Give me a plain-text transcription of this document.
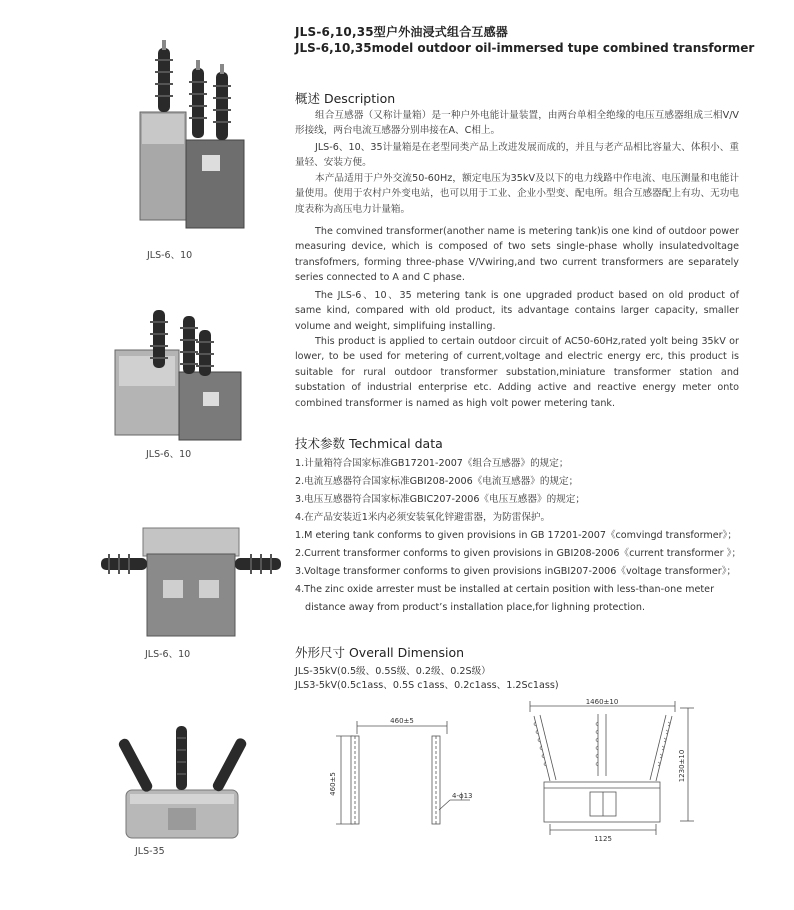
JLS-6,10,35型户外油浸式组合互感器
JLS-6,10,35model outdoor oil-immersed tupe combined transformer
概述 Description
组合互感器（又称计量箱）是一种户外电能计量装置，由两台单相全绝缘的电压互感器组成三相V/V形接线，两台电流互感器分别串接在A、C相上。
JLS-6、10、35计量箱是在老型同类产品上改进发展而成的，并且与老产品相比容量大、体积小、重量轻、安装方便。
本产品适用于户外交流50-60Hz，额定电压为35kV及以下的电力线路中作电流、电压测量和电能计量使用。使用于农村户外变电站，也可以用于工业、企业小型变、配电所。组合互感器配上有功、无功电度表称为高压电力计量箱。
The comvined transformer(another name is metering tank)is one kind of outdoor power measuring device, which is composed of two sets single-phase wholly insulatedvoltage transfofmers, forming three-phase V/Vwiring,and two current transformers are separately series connected to A and C phase.
The JLS-6、10、35 metering tank is one upgraded product based on old product of same kind, compared with old product, its advantage contains larger capacity, smaller volume and weight, simplifuing installing.
This product is applied to certain outdoor circuit of AC50-60Hz,rated yolt being 35kV or lower, to be used for metering of current,voltage and electric energy erc, this product is suitable for rural outdoor transformer substation,miniature transformer station and substation of industrial enterprise etc. Adding active and reactive energy meter onto combined transformer is named as high volt power metering tank.
技术参数 Techmical data
1.计量箱符合国家标准GB17201-2007《组合互感器》的规定；
2.电流互感器符合国家标准GBI208-2006《电流互感器》的规定；
3.电压互感器符合国家标准GBIC207-2006《电压互感器》的规定；
4.在产品安装近1米内必须安装氧化锌避雷器，为防雷保护。
1.M etering tank conforms to given provisions in GB 17201-2007《comvingd transformer》；
2.Current transformer conforms to given provisions in GBI208-2006《current transformer 》；
3.Voltage transformer conforms to given provisions inGBI207-2006《voltage transformer》；
4.The zinc oxide arrester must be installed at certain position with less-than-one meter
distance away from product’s installation place,for lighning protection.
外形尺寸 Overall Dimension
JLS-35kV(0.5级、0.5S级、0.2级、0.2S级）
JLS3-5kV(0.5c1ass、0.5S c1ass、0.2c1ass、1.2Sc1ass)
460±5
460±5
4-ϕ13
1460±10
1230±10
1125
JLS-6、10
JLS-6、10
JLS-6、10
JLS-35
